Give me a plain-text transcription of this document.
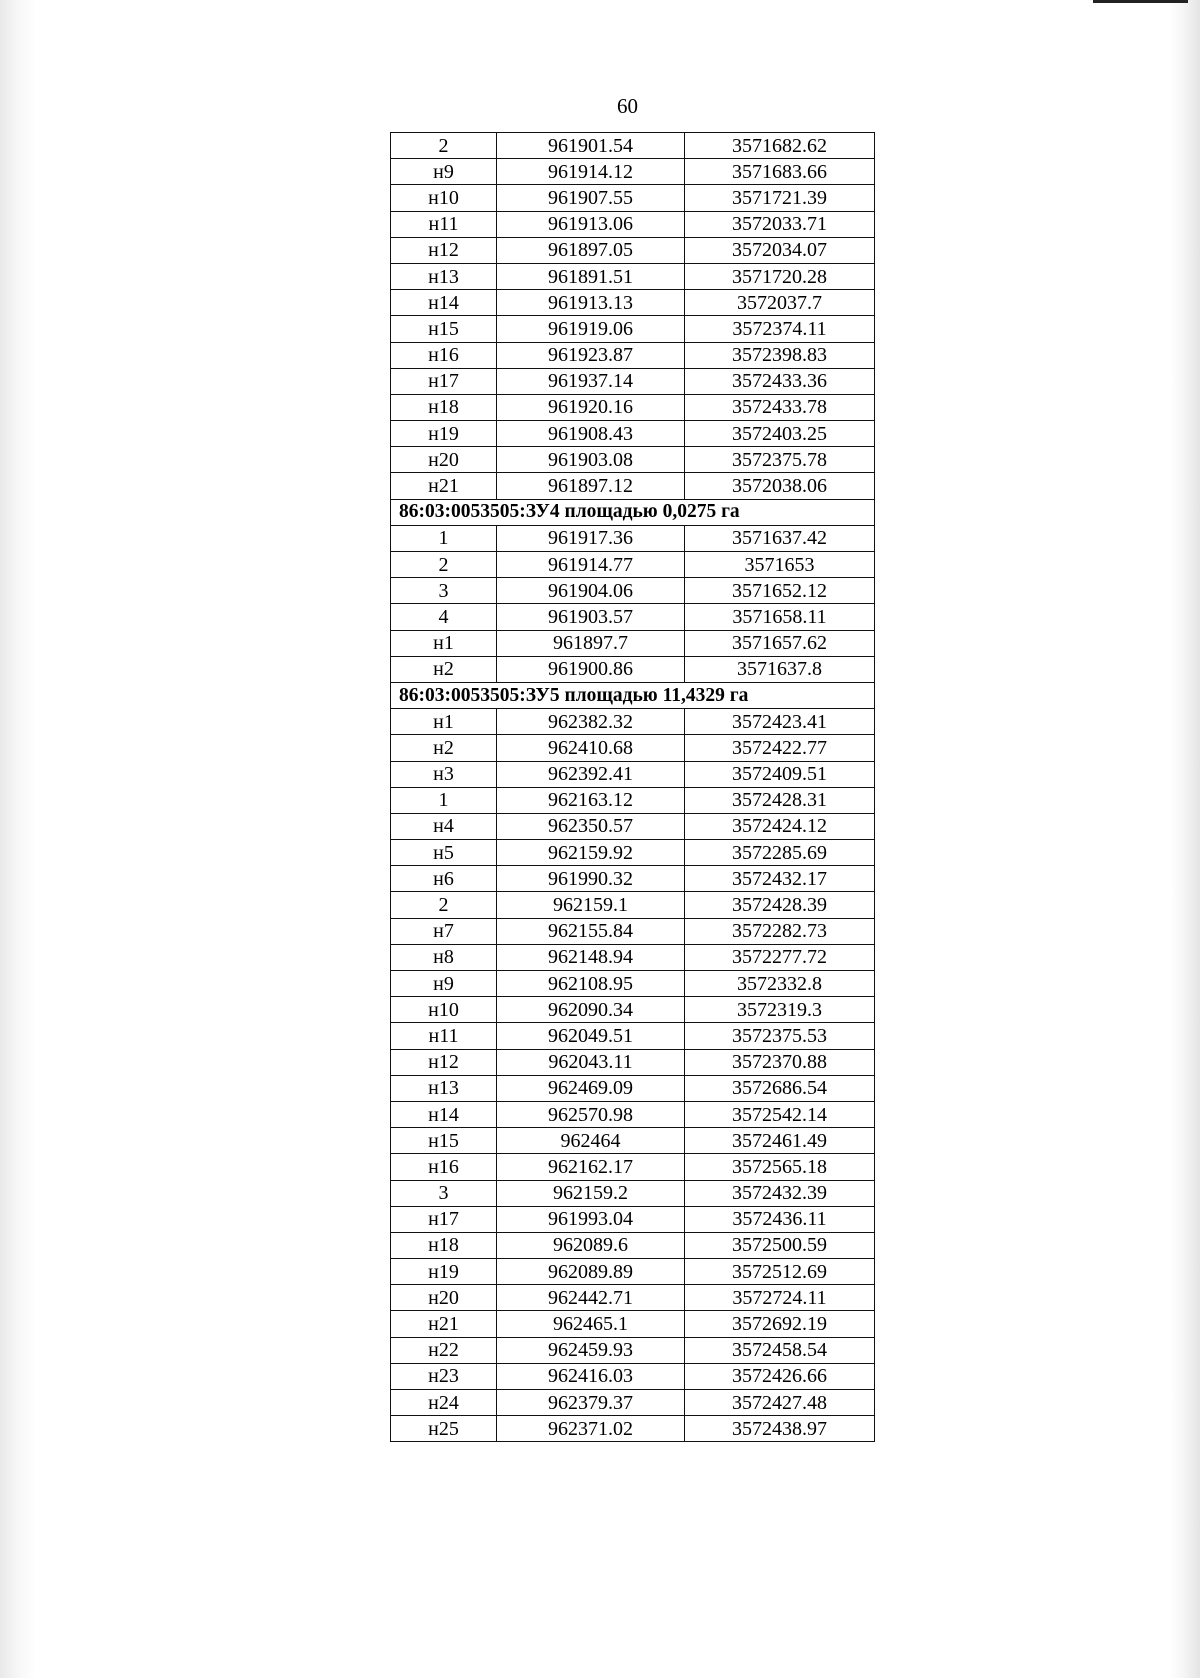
60
2	961901.54	3571682.62
н9	961914.12	3571683.66
н10	961907.55	3571721.39
н11	961913.06	3572033.71
н12	961897.05	3572034.07
н13	961891.51	3571720.28
н14	961913.13	3572037.7
н15	961919.06	3572374.11
н16	961923.87	3572398.83
н17	961937.14	3572433.36
н18	961920.16	3572433.78
н19	961908.43	3572403.25
н20	961903.08	3572375.78
н21	961897.12	3572038.06
86:03:0053505:ЗУ4 площадью 0,0275 га		
1	961917.36	3571637.42
2	961914.77	3571653
3	961904.06	3571652.12
4	961903.57	3571658.11
н1	961897.7	3571657.62
н2	961900.86	3571637.8
86:03:0053505:ЗУ5 площадью 11,4329 га		
н1	962382.32	3572423.41
н2	962410.68	3572422.77
н3	962392.41	3572409.51
1	962163.12	3572428.31
н4	962350.57	3572424.12
н5	962159.92	3572285.69
н6	961990.32	3572432.17
2	962159.1	3572428.39
н7	962155.84	3572282.73
н8	962148.94	3572277.72
н9	962108.95	3572332.8
н10	962090.34	3572319.3
н11	962049.51	3572375.53
н12	962043.11	3572370.88
н13	962469.09	3572686.54
н14	962570.98	3572542.14
н15	962464	3572461.49
н16	962162.17	3572565.18
3	962159.2	3572432.39
н17	961993.04	3572436.11
н18	962089.6	3572500.59
н19	962089.89	3572512.69
н20	962442.71	3572724.11
н21	962465.1	3572692.19
н22	962459.93	3572458.54
н23	962416.03	3572426.66
н24	962379.37	3572427.48
н25	962371.02	3572438.97
